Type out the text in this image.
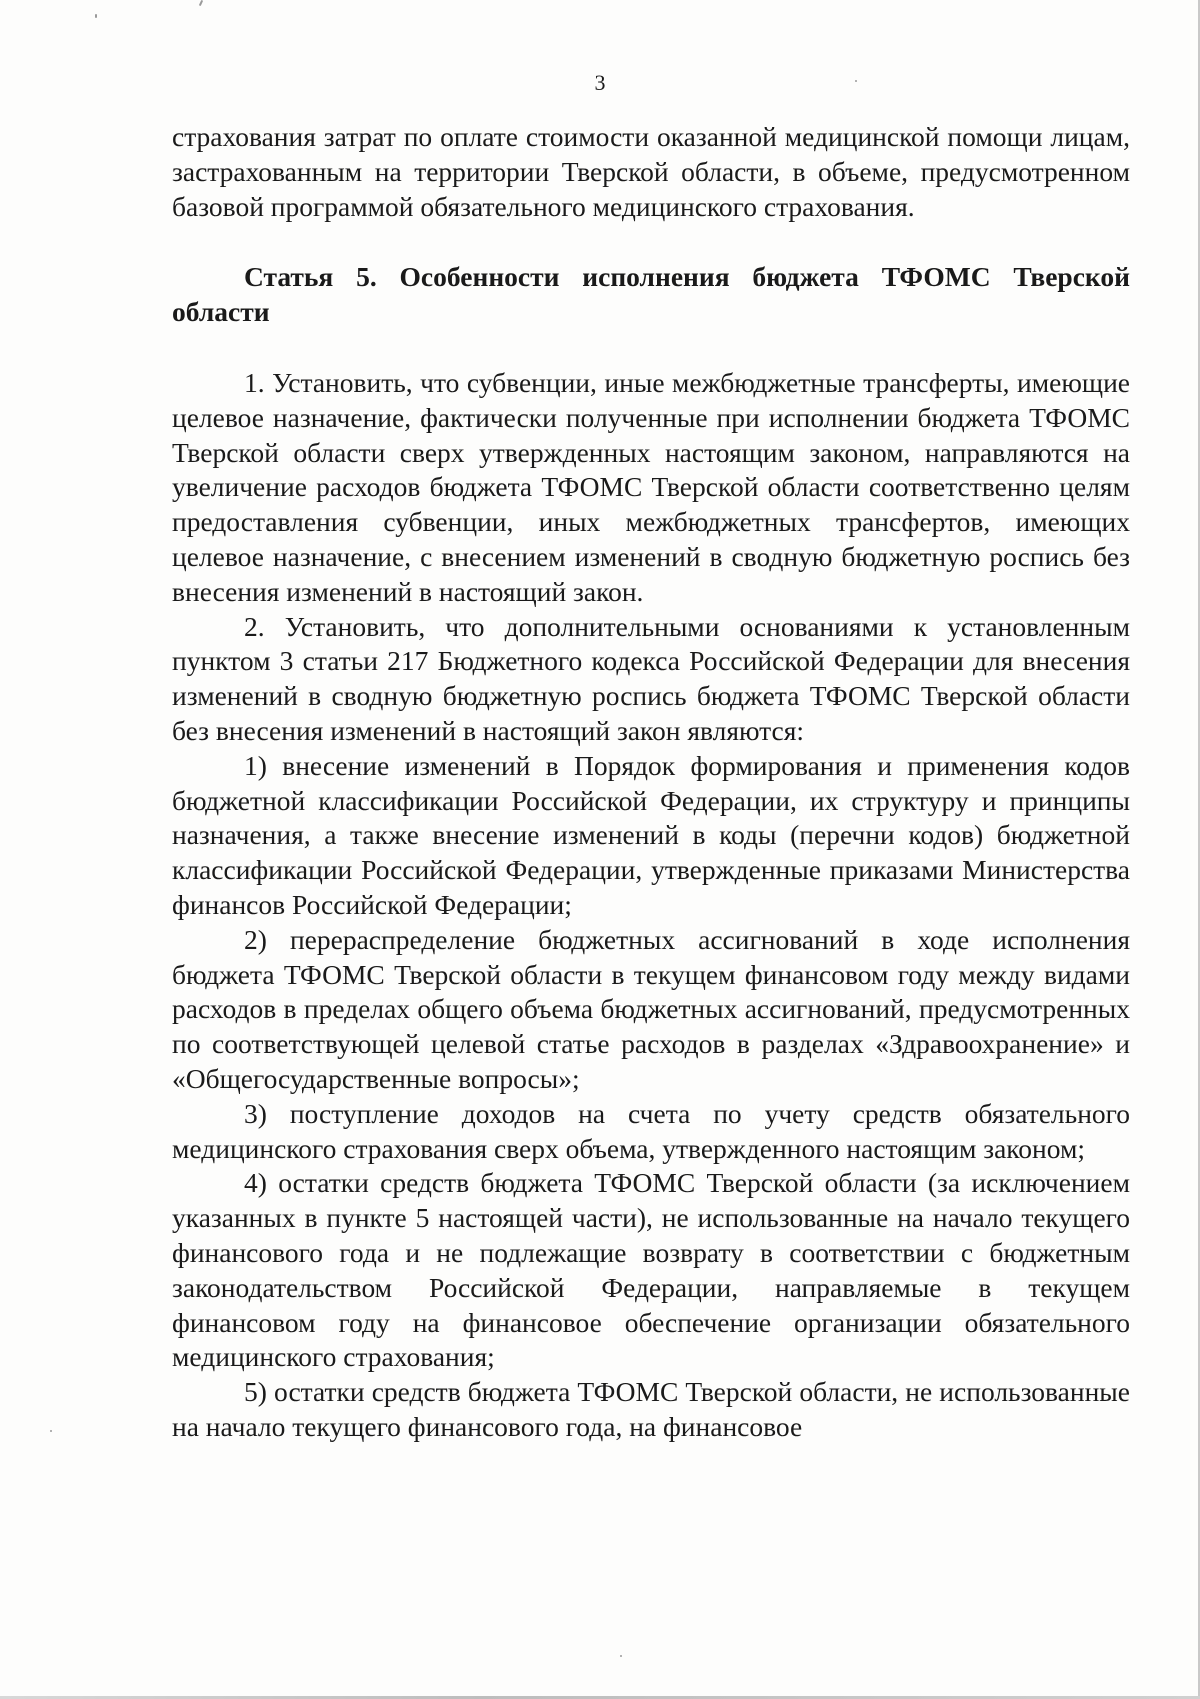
3

страхования затрат по оплате стоимости оказанной медицинской помощи лицам, застрахованным на территории Тверской области, в объеме, предусмотренном базовой программой обязательного медицинского страхования.

Статья 5. Особенности исполнения бюджета ТФОМС Тверской области

1. Установить, что субвенции, иные межбюджетные трансферты, имеющие целевое назначение, фактически полученные при исполнении бюджета ТФОМС Тверской области сверх утвержденных настоящим законом, направляются на увеличение расходов бюджета ТФОМС Тверской области соответственно целям предоставления субвенции, иных межбюджетных трансфертов, имеющих целевое назначение, с внесением изменений в сводную бюджетную роспись без внесения изменений в настоящий закон.

2. Установить, что дополнительными основаниями к установленным пунктом 3 статьи 217 Бюджетного кодекса Российской Федерации для внесения изменений в сводную бюджетную роспись бюджета ТФОМС Тверской области без внесения изменений в настоящий закон являются:

1) внесение изменений в Порядок формирования и применения кодов бюджетной классификации Российской Федерации, их структуру и принципы назначения, а также внесение изменений в коды (перечни кодов) бюджетной классификации Российской Федерации, утвержденные приказами Министерства финансов Российской Федерации;

2) перераспределение бюджетных ассигнований в ходе исполнения бюджета ТФОМС Тверской области в текущем финансовом году между видами расходов в пределах общего объема бюджетных ассигнований, предусмотренных по соответствующей целевой статье расходов в разделах «Здравоохранение» и «Общегосударственные вопросы»;

3) поступление доходов на счета по учету средств обязательного медицинского страхования сверх объема, утвержденного настоящим законом;

4) остатки средств бюджета ТФОМС Тверской области (за исключением указанных в пункте 5 настоящей части), не использованные на начало текущего финансового года и не подлежащие возврату в соответствии с бюджетным законодательством Российской Федерации, направляемые в текущем финансовом году на финансовое обеспечение организации обязательного медицинского страхования;

5) остатки средств бюджета ТФОМС Тверской области, не использованные на начало текущего финансового года, на финансовое
